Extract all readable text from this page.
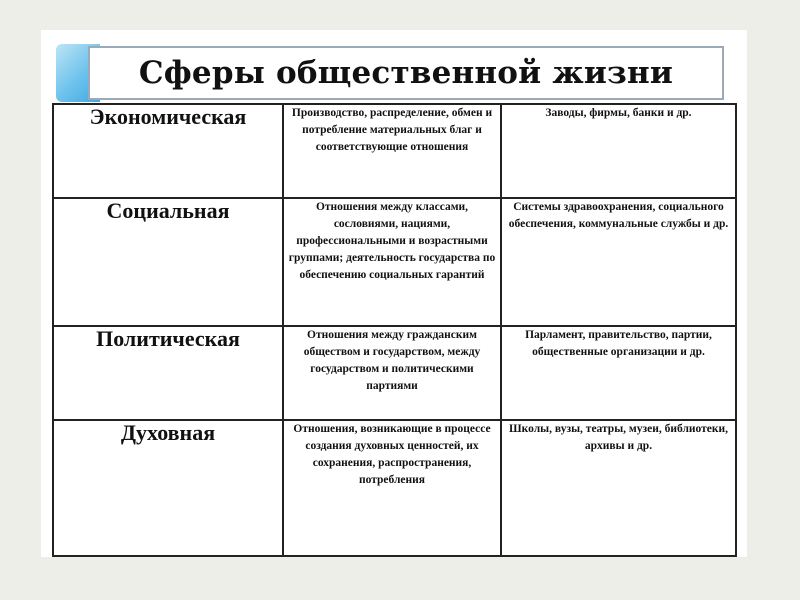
Сферы общественной жизни
Экономическая	Производство, распределение, обмен и потребление материальных благ и соответствующие отношения	Заводы, фирмы, банки и др.
Социальная	Отношения между классами, сословиями, нациями, профессиональными и возрастными группами; деятельность государства по обеспечению социальных гарантий	Системы здравоохранения, социального обеспечения, коммунальные службы и др.
Политическая	Отношения между гражданским обществом и государством, между государством и политическими партиями	Парламент, правительство, партии, общественные организации и др.
Духовная	Отношения, возникающие в процессе создания духовных ценностей, их сохранения, распространения, потребления	Школы, вузы, театры, музеи, библиотеки, архивы и др.
